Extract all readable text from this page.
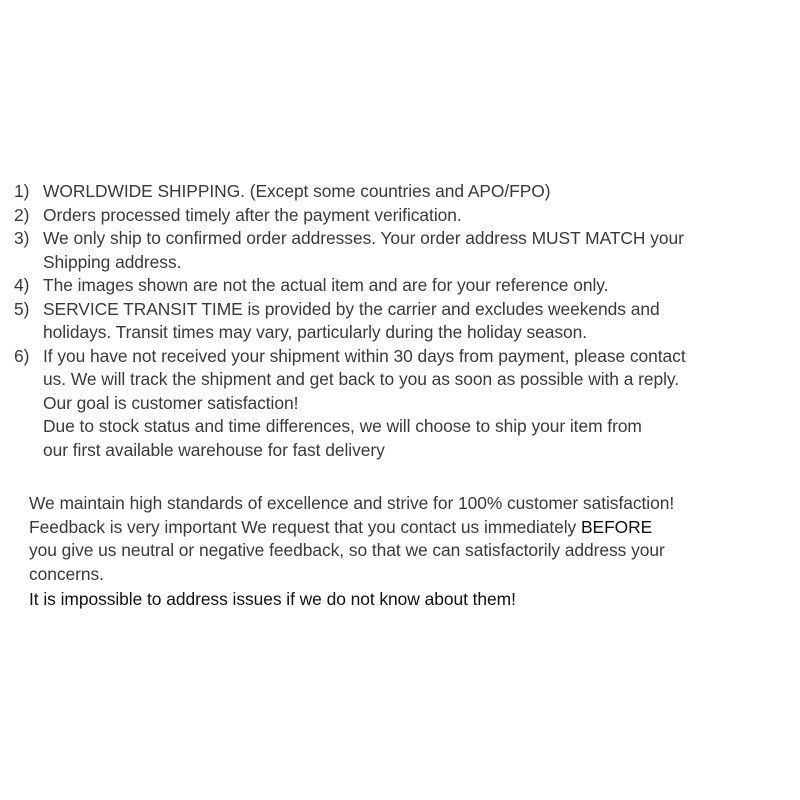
1) WORLDWIDE SHIPPING. (Except some countries and APO/FPO)
2) Orders processed timely after the payment verification.
3) We only ship to confirmed order addresses. Your order address MUST MATCH your
Shipping address.
4) The images shown are not the actual item and are for your reference only.
5) SERVICE TRANSIT TIME is provided by the carrier and excludes weekends and
holidays. Transit times may vary, particularly during the holiday season.
6) If you have not received your shipment within 30 days from payment, please contact
us. We will track the shipment and get back to you as soon as possible with a reply.
Our goal is customer satisfaction!
Due to stock status and time differences, we will choose to ship your item from
our first available warehouse for fast delivery
We maintain high standards of excellence and strive for 100% customer satisfaction!
Feedback is very important We request that you contact us immediately BEFORE
you give us neutral or negative feedback, so that we can satisfactorily address your
concerns.
It is impossible to address issues if we do not know about them!
